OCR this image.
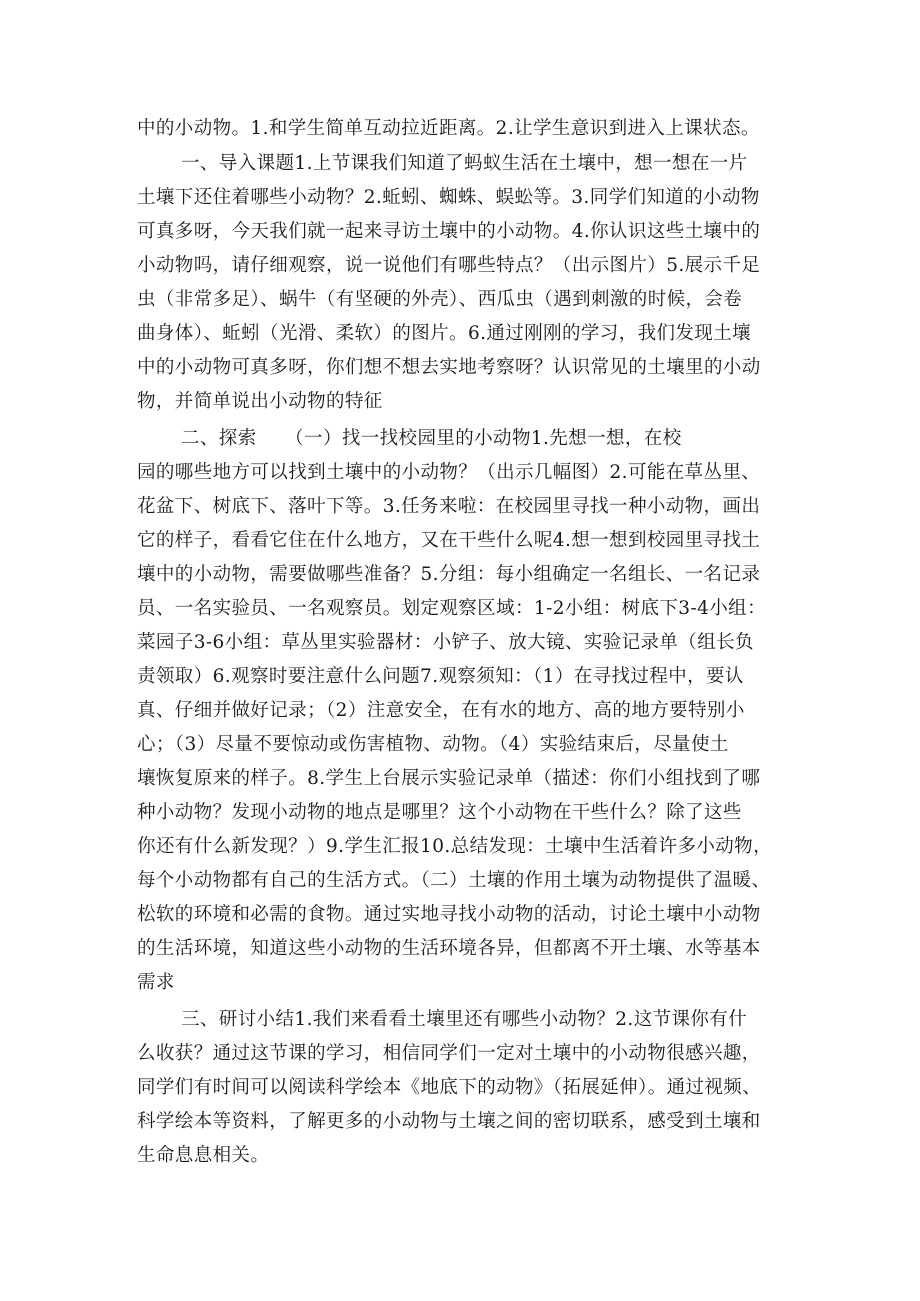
中的小动物。1.和学生简单互动拉近距离。2.让学生意识到进入上课状态。
一、导入课题1.上节课我们知道了蚂蚁生活在土壤中，想一想在一片
土壤下还住着哪些小动物？2.蚯蚓、蜘蛛、蜈蚣等。3.同学们知道的小动物
可真多呀，今天我们就一起来寻访土壤中的小动物。4.你认识这些土壤中的
小动物吗，请仔细观察，说一说他们有哪些特点？（出示图片）5.展示千足
虫（非常多足）、蜗牛（有坚硬的外壳）、西瓜虫（遇到刺激的时候，会卷
曲身体）、蚯蚓（光滑、柔软）的图片。6.通过刚刚的学习，我们发现土壤
中的小动物可真多呀，你们想不想去实地考察呀？认识常见的土壤里的小动
物，并简单说出小动物的特征
二、探索　　（一）找一找校园里的小动物1.先想一想，在校
园的哪些地方可以找到土壤中的小动物？（出示几幅图）2.可能在草丛里、
花盆下、树底下、落叶下等。3.任务来啦：在校园里寻找一种小动物，画出
它的样子，看看它住在什么地方，又在干些什么呢4.想一想到校园里寻找土
壤中的小动物，需要做哪些准备？5.分组：每小组确定一名组长、一名记录
员、一名实验员、一名观察员。划定观察区域：1-2小组：树底下3-4小组：
菜园子3-6小组：草丛里实验器材：小铲子、放大镜、实验记录单（组长负
责领取）6.观察时要注意什么问题7.观察须知：（1）在寻找过程中，要认
真、仔细并做好记录；（2）注意安全，在有水的地方、高的地方要特别小
心；（3）尽量不要惊动或伤害植物、动物。（4）实验结束后，尽量使土
壤恢复原来的样子。8.学生上台展示实验记录单（描述：你们小组找到了哪
种小动物？发现小动物的地点是哪里？这个小动物在干些什么？除了这些
你还有什么新发现？）9.学生汇报10.总结发现：土壤中生活着许多小动物，
每个小动物都有自己的生活方式。（二）土壤的作用土壤为动物提供了温暖、
松软的环境和必需的食物。通过实地寻找小动物的活动，讨论土壤中小动物
的生活环境，知道这些小动物的生活环境各异，但都离不开土壤、水等基本
需求
三、研讨小结1.我们来看看土壤里还有哪些小动物？2.这节课你有什
么收获？通过这节课的学习，相信同学们一定对土壤中的小动物很感兴趣，
同学们有时间可以阅读科学绘本《地底下的动物》（拓展延伸）。通过视频、
科学绘本等资料，了解更多的小动物与土壤之间的密切联系，感受到土壤和
生命息息相关。
